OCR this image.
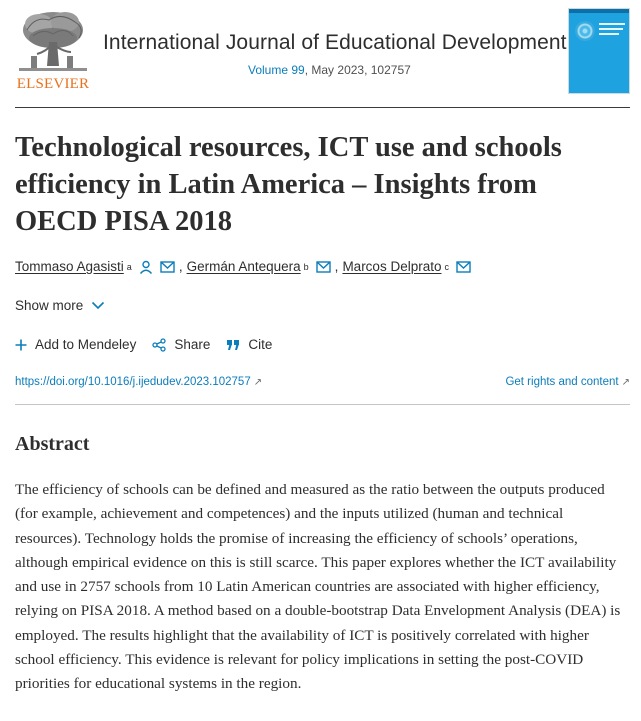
ELSEVIER
International Journal of Educational Development
Volume 99, May 2023, 102757
Technological resources, ICT use and schools efficiency in Latin America – Insights from OECD PISA 2018
Tommaso Agasisti a	, Germán Antequera b , Marcos Delprato c
Show more
Add to Mendeley	Share	Cite
https://doi.org/10.1016/j.ijedudev.2023.102757 ↗	Get rights and content ↗
Abstract

The efficiency of schools can be defined and measured as the ratio between the outputs produced (for example, achievement and competences) and the inputs utilized (human and technical resources). Technology holds the promise of increasing the efficiency of schools’ operations, although empirical evidence on this is still scarce. This paper explores whether the ICT availability and use in 2757 schools from 10 Latin American countries are associated with higher efficiency, relying on PISA 2018. A method based on a double-bootstrap Data Envelopment Analysis (DEA) is employed. The results highlight that the availability of ICT is positively correlated with higher school efficiency. This evidence is relevant for policy implications in setting the post-COVID priorities for educational systems in the region.
